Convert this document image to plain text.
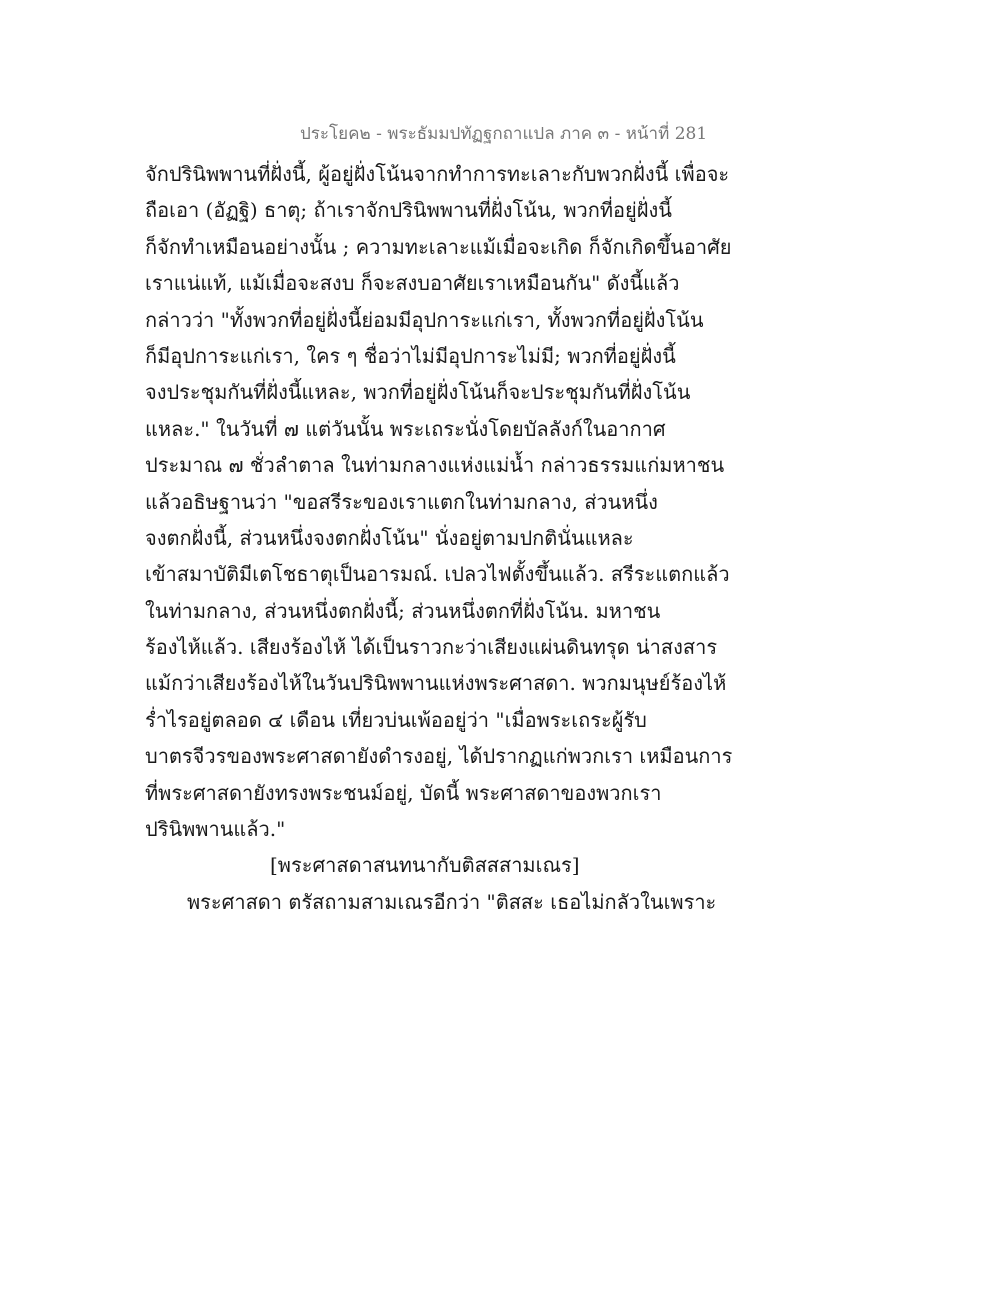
ประโยค๒ - พระธัมมปทัฏฐกถาแปล ภาค ๓ - หน้าที่ 281
จักปรินิพพานที่ฝั่งนี้, ผู้อยู่ฝั่งโน้นจากทำการทะเลาะกับพวกฝั่งนี้ เพื่อจะ
ถือเอา (อัฏฐิ) ธาตุ; ถ้าเราจักปรินิพพานที่ฝั่งโน้น, พวกที่อยู่ฝั่งนี้
ก็จักทำเหมือนอย่างนั้น ; ความทะเลาะแม้เมื่อจะเกิด ก็จักเกิดขึ้นอาศัย
เราแน่แท้, แม้เมื่อจะสงบ ก็จะสงบอาศัยเราเหมือนกัน" ดังนี้แล้ว
กล่าวว่า "ทั้งพวกที่อยู่ฝั่งนี้ย่อมมีอุปการะแก่เรา, ทั้งพวกที่อยู่ฝั่งโน้น
ก็มีอุปการะแก่เรา, ใคร ๆ ชื่อว่าไม่มีอุปการะไม่มี; พวกที่อยู่ฝั่งนี้
จงประชุมกันที่ฝั่งนี้แหละ, พวกที่อยู่ฝั่งโน้นก็จะประชุมกันที่ฝั่งโน้น
แหละ." ในวันที่ ๗ แต่วันนั้น พระเถระนั่งโดยบัลลังก์ในอากาศ
ประมาณ ๗ ชั่วลำตาล ในท่ามกลางแห่งแม่น้ำ กล่าวธรรมแก่มหาชน
แล้วอธิษฐานว่า "ขอสรีระของเราแตกในท่ามกลาง, ส่วนหนึ่ง
จงตกฝั่งนี้, ส่วนหนึ่งจงตกฝั่งโน้น" นั่งอยู่ตามปกตินั่นแหละ
เข้าสมาบัติมีเตโชธาตุเป็นอารมณ์. เปลวไฟตั้งขึ้นแล้ว. สรีระแตกแล้ว
ในท่ามกลาง, ส่วนหนึ่งตกฝั่งนี้; ส่วนหนึ่งตกที่ฝั่งโน้น. มหาชน
ร้องไห้แล้ว. เสียงร้องไห้ ได้เป็นราวกะว่าเสียงแผ่นดินทรุด น่าสงสาร
แม้กว่าเสียงร้องไห้ในวันปรินิพพานแห่งพระศาสดา. พวกมนุษย์ร้องไห้
ร่ำไรอยู่ตลอด ๔ เดือน เที่ยวบ่นเพ้ออยู่ว่า "เมื่อพระเถระผู้รับ
บาตรจีวรของพระศาสดายังดำรงอยู่, ได้ปรากฏแก่พวกเรา เหมือนการ
ที่พระศาสดายังทรงพระชนม์อยู่, บัดนี้ พระศาสดาของพวกเรา
ปรินิพพานแล้ว."
[พระศาสดาสนทนากับติสสสามเณร]
พระศาสดา ตรัสถามสามเณรอีกว่า "ติสสะ เธอไม่กลัวในเพราะ
